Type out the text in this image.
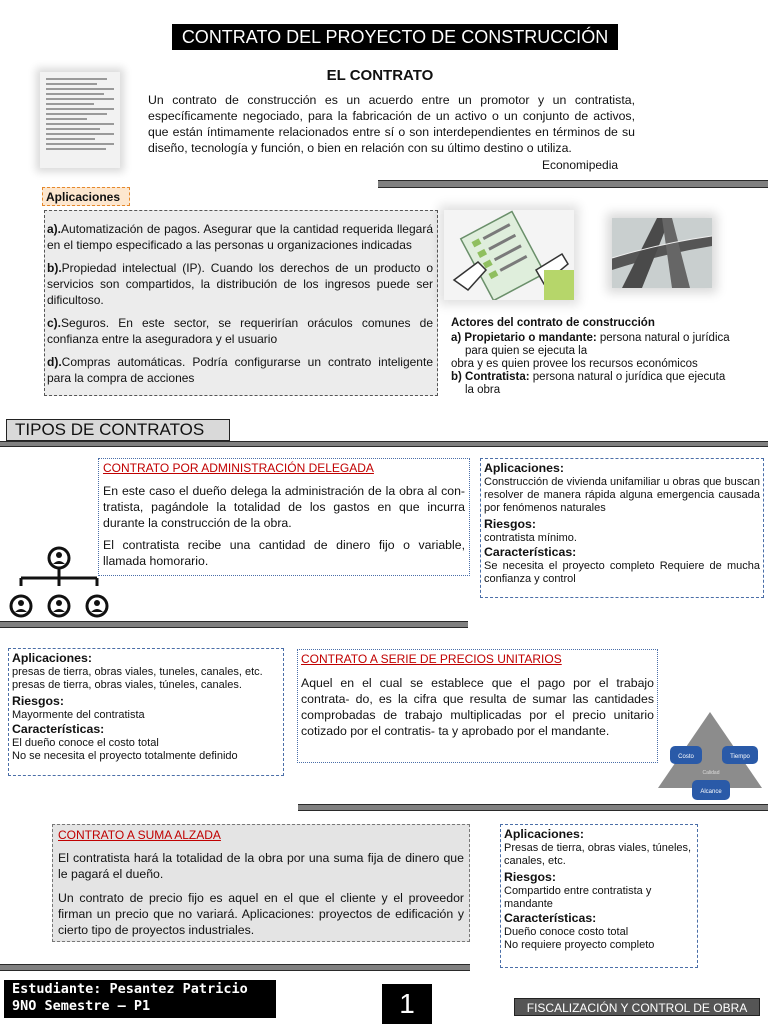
CONTRATO DEL PROYECTO DE CONSTRUCCIÓN
EL CONTRATO
Un contrato de construcción es un acuerdo entre un promotor y un contratista, específicamente negociado, para la fabricación de un activo o un conjunto de activos, que están íntimamente relacionados entre sí o son interdependientes en términos de su diseño, tecnología y función, o bien en relación con su último destino o utiliza.
Economipedia
Aplicaciones

a).Automatización de pagos. Asegurar que la cantidad requerida llegará en el tiempo especificado a las personas u organizaciones indicadas

b).Propiedad intelectual (IP). Cuando los derechos de un producto o servicios son compartidos, la distribución de los ingresos puede ser dificultoso.

c).Seguros. En este sector, se requerirían oráculos comunes de confianza entre la aseguradora y el usuario

d).Compras automáticas. Podría configurarse un contrato inteligente para la compra de acciones

Actores del contrato de construcción
a) Propietario o mandante: persona natural o jurídica
para quien se ejecuta la
obra y es quien provee los recursos económicos
b) Contratista: persona natural o jurídica que ejecuta
la obra
TIPOS DE CONTRATOS
CONTRATO POR ADMINISTRACIÓN DELEGADA
En este caso el dueño delega la administración de la obra al con- tratista, pagándole la totalidad de los gastos en que incurra durante la construcción de la obra.
El contratista recibe una cantidad de dinero fijo o variable, llamada homorario.
Aplicaciones:
Construcción de vivienda unifamiliar u obras que buscan resolver de manera rápida alguna emergencia causada por fenómenos naturales
Riesgos:
contratista mínimo.
Características:
Se necesita el proyecto completo Requiere de mucha confianza y control
Aplicaciones:
presas de tierra, obras viales, tuneles, canales, etc.
presas de tierra, obras viales, túneles, canales.
Riesgos:
Mayormente del contratista
Características:
El dueño conoce el costo total
No se necesita el proyecto totalmente definido
CONTRATO A SERIE DE PRECIOS UNITARIOS
Aquel en el cual se establece que el pago por el trabajo contrata- do, es la cifra que resulta de sumar las cantidades comprobadas de trabajo multiplicadas por el precio unitario cotizado por el contratis- ta y aprobado por el mandante.
Costo	Tiempo
Calidad
Alcance
CONTRATO A SUMA ALZADA
El contratista hará la totalidad de la obra por una suma fija de dinero que le pagará el dueño.
Un contrato de precio fijo es aquel en el que el cliente y el proveedor firman un precio que no variará. Aplicaciones: proyectos de edificación y cierto tipo de proyectos industriales.
Aplicaciones:
Presas de tierra, obras viales, túneles, canales, etc.
Riesgos:
Compartido entre contratista y mandante
Características:
Dueño conoce costo total
No requiere proyecto completo
Estudiante: Pesantez Patricio
9NO Semestre – P1	1	FISCALIZACIÓN Y CONTROL DE OBRA
